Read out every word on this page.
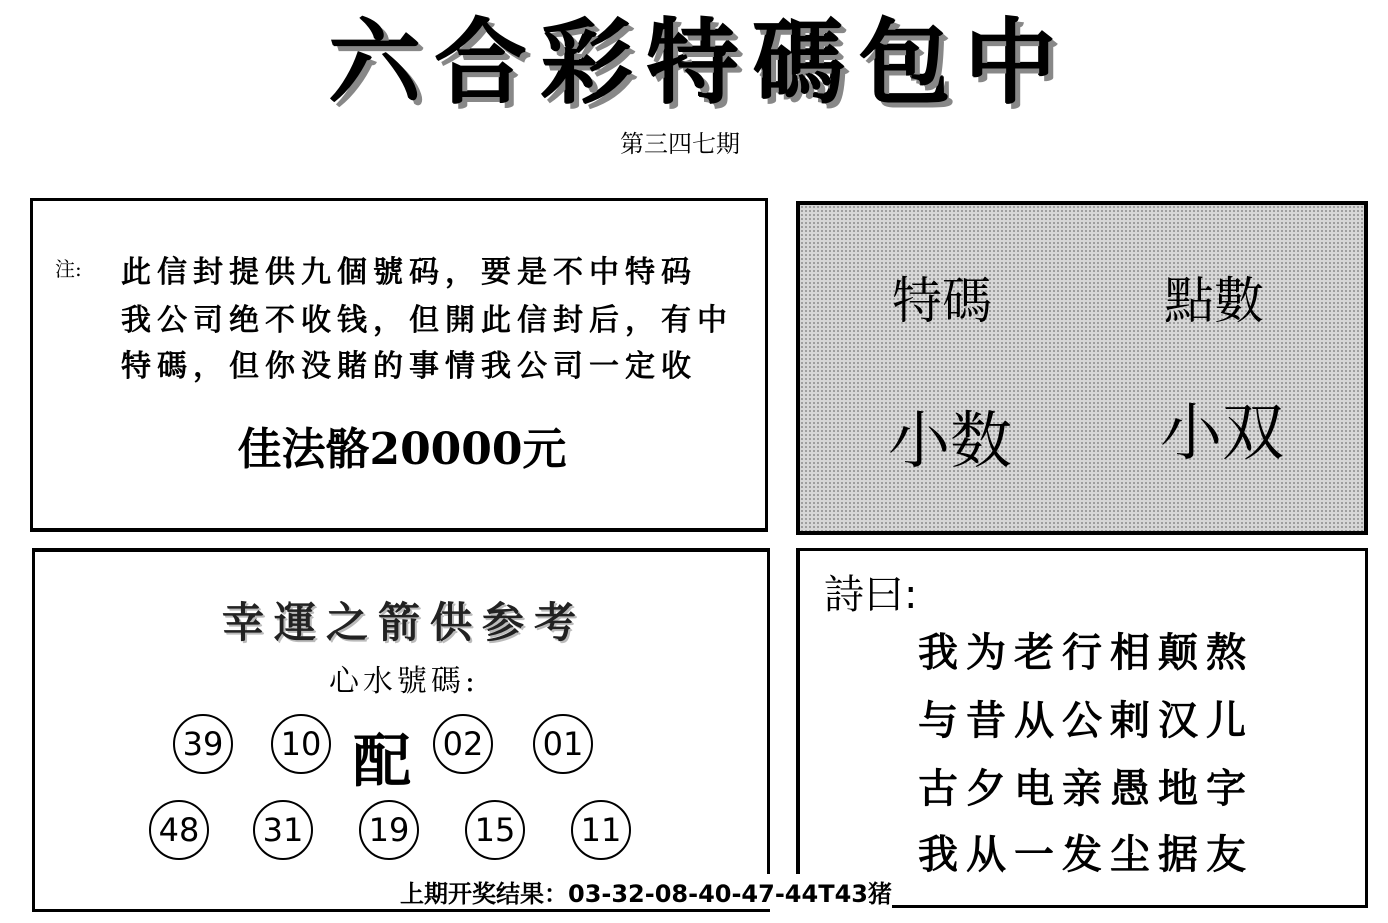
六合彩特碼包中
第三四七期
注: 此信封提供九個號码，要是不中特码
我公司绝不收钱，但開此信封后，有中
特碼，但你没賭的事情我公司一定收
佳法骼20000元
特碼	點數
小数 小双
幸運之箭供参考
心水號碼:
39	10 配 02	01
48	31	19	15	11
詩曰:
我为老行相颠熬
与昔从公剌汉儿
古夕电亲愚地字
我从一发尘据友
上期开奖结果：03-32-08-40-47-44T43猪
